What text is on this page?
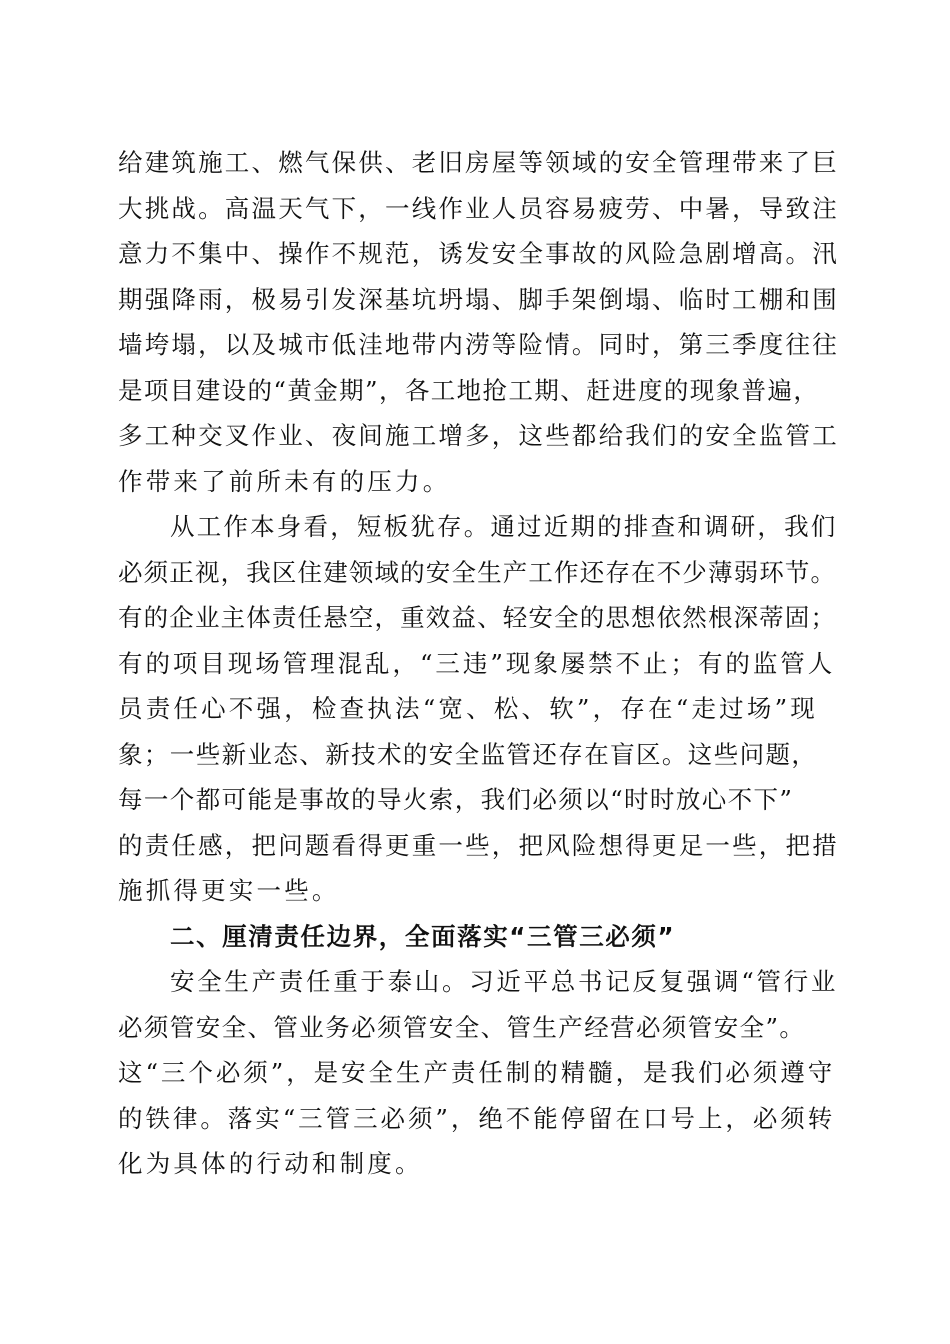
给建筑施工、燃气保供、老旧房屋等领域的安全管理带来了巨
大挑战。高温天气下，一线作业人员容易疲劳、中暑，导致注
意力不集中、操作不规范，诱发安全事故的风险急剧增高。汛
期强降雨，极易引发深基坑坍塌、脚手架倒塌、临时工棚和围
墙垮塌，以及城市低洼地带内涝等险情。同时，第三季度往往
是项目建设的“黄金期”，各工地抢工期、赶进度的现象普遍，
多工种交叉作业、夜间施工增多，这些都给我们的安全监管工
作带来了前所未有的压力。
从工作本身看，短板犹存。通过近期的排查和调研，我们
必须正视，我区住建领域的安全生产工作还存在不少薄弱环节。
有的企业主体责任悬空，重效益、轻安全的思想依然根深蒂固；
有的项目现场管理混乱，“三违”现象屡禁不止；有的监管人
员责任心不强，检查执法“宽、松、软”，存在“走过场”现
象；一些新业态、新技术的安全监管还存在盲区。这些问题，
每一个都可能是事故的导火索，我们必须以“时时放心不下”
的责任感，把问题看得更重一些，把风险想得更足一些，把措
施抓得更实一些。
二、厘清责任边界，全面落实“三管三必须”
安全生产责任重于泰山。习近平总书记反复强调“管行业
必须管安全、管业务必须管安全、管生产经营必须管安全”。
这“三个必须”，是安全生产责任制的精髓，是我们必须遵守
的铁律。落实“三管三必须”，绝不能停留在口号上，必须转
化为具体的行动和制度。
